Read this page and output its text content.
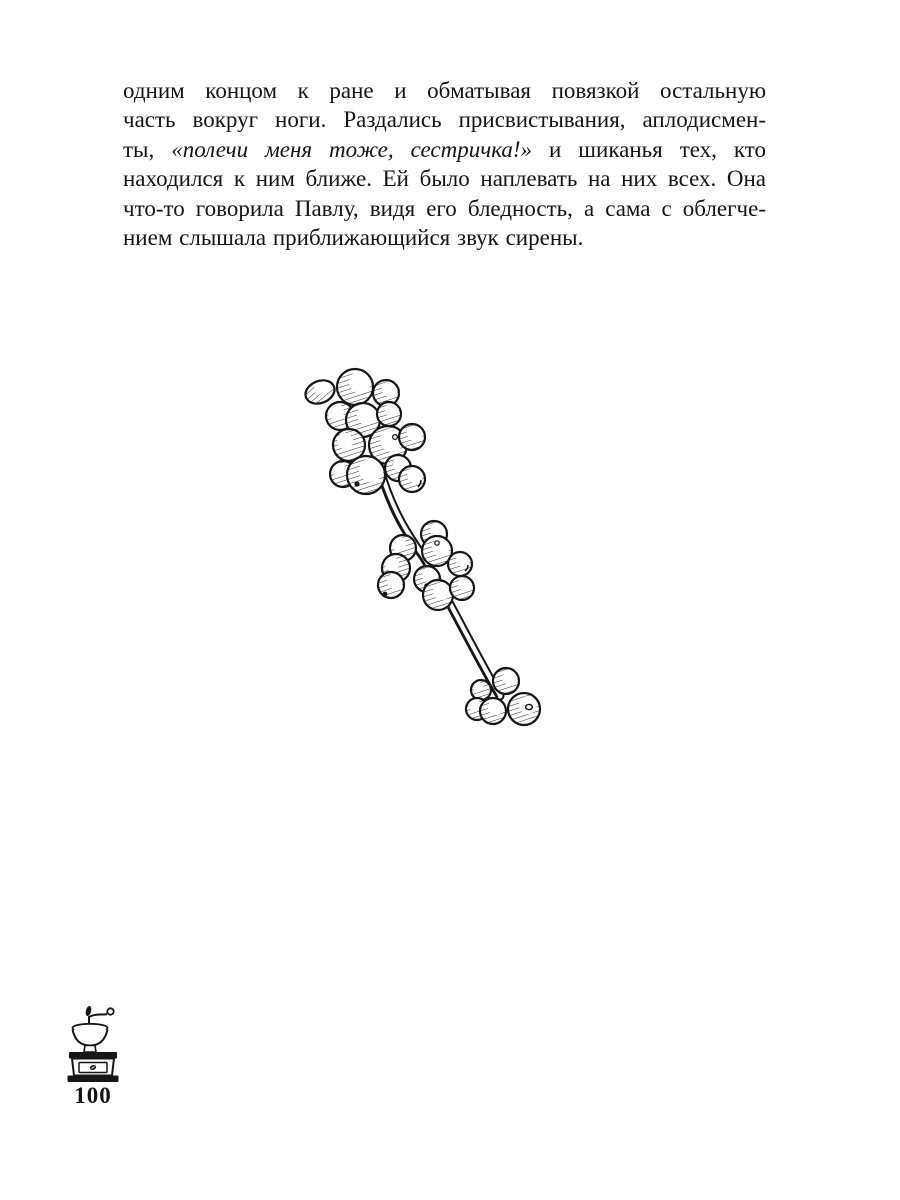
одним концом к ране и обматывая повязкой остальную
часть вокруг ноги. Раздались присвистывания, аплодисмен-
ты, «полечи меня тоже, сестричка!» и шиканья тех, кто
находился к ним ближе. Ей было наплевать на них всех. Она
что-то говорила Павлу, видя его бледность, а сама с облегче-
нием слышала приближающийся звук сирены.
100
